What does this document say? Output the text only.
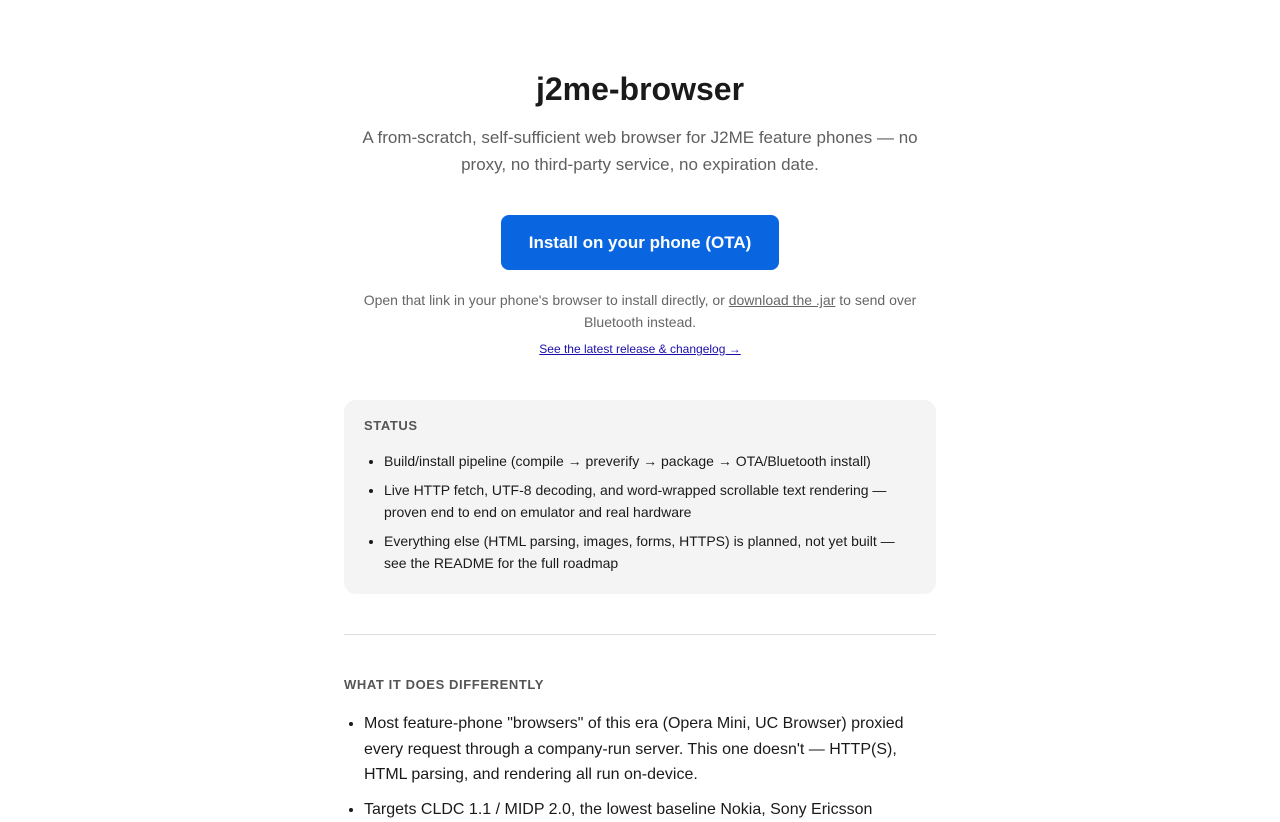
j2me-browser

A from-scratch, self-sufficient web browser for J2ME feature phones — no proxy, no third-party service, no expiration date.

Install on your phone (OTA)

Open that link in your phone's browser to install directly, or download the .jar to send over Bluetooth instead.

See the latest release & changelog →

STATUS

• Build/install pipeline (compile → preverify → package → OTA/Bluetooth install)
• Live HTTP fetch, UTF-8 decoding, and word-wrapped scrollable text rendering — proven end to end on emulator and real hardware
• Everything else (HTML parsing, images, forms, HTTPS) is planned, not yet built — see the README for the full roadmap

WHAT IT DOES DIFFERENTLY

• Most feature-phone "browsers" of this era (Opera Mini, UC Browser) proxied every request through a company-run server. This one doesn't — HTTP(S), HTML parsing, and rendering all run on-device.
• Targets CLDC 1.1 / MIDP 2.0, the lowest baseline Nokia, Sony Ericsson
